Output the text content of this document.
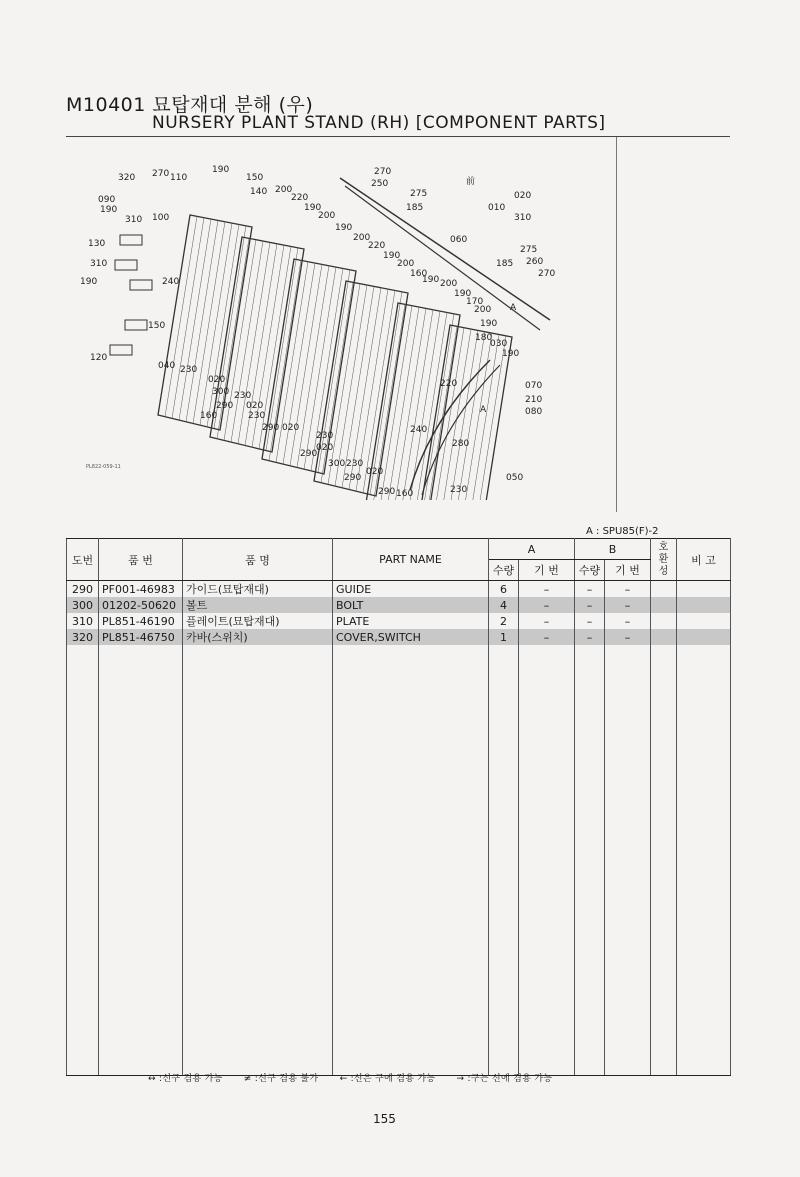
M10401 묘탑재대 분해 (우)
NURSERY PLANT STAND (RH) [COMPONENT PARTS]
320 270 110
190
150
140
090
190
310 100
200
220
190
200
270
250
275
185
前
020
010
310
130	060
190
200
220
190
200
160
190
310
190
275
185 260
270
240	200
190
170
200
190
150
180
030
190
120
040 230
020	220	070
210
080
300 230
290 020
160
240
230
290 020
280
230
020
290
300 230
020
290	050
290 160	230
A
A
PL822-059-11
A : SPU85(F)-2
도번	품 번	품 명	PART NAME	A		B		호 환 성	비 고
				수량	기 번	수량	기 번		
290	PF001-46983	가이드(묘탑재대)	GUIDE	6	–	–	–		
300	01202-50620	볼트	BOLT	4	–	–	–		
310	PL851-46190	플레이트(묘탑재대)	PLATE	2	–	–	–		
320	PL851-46750	카바(스위치)	COVER,SWITCH	1	–	–	–		

↔ :신구 겸용 가능 ≠ :신구 겸용 불가 ← :신은 구에 겸용 가능 → :구는 신에 겸용 가능
155
